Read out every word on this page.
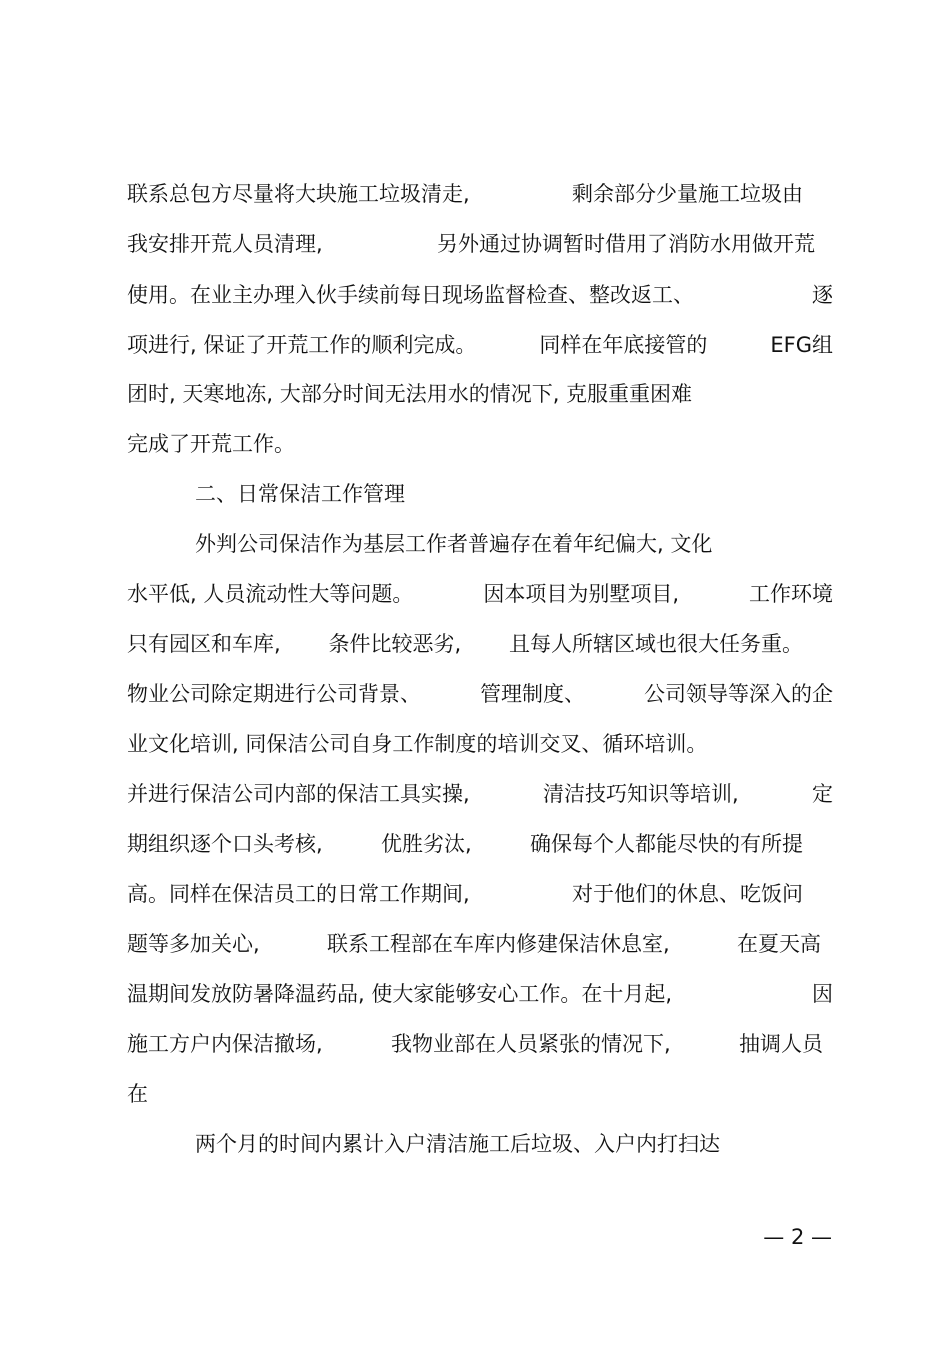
联系总包方尽量将大块施工垃圾清走,	剩余部分少量施工垃圾由
我安排开荒人员清理,	另外通过协调暂时借用了消防水用做开荒
使用。在业主办理入伙手续前每日现场监督检查、整改返工、	逐
项进行, 保证了开荒工作的顺利完成。	同样在年底接管的	EFG组
团时, 天寒地冻, 大部分时间无法用水的情况下, 克服重重困难
完成了开荒工作。
二、日常保洁工作管理
外判公司保洁作为基层工作者普遍存在着年纪偏大, 文化
水平低, 人员流动性大等问题。	因本项目为别墅项目,	工作环境
只有园区和车库, 条件比较恶劣, 且每人所辖区域也很大任务重。
物业公司除定期进行公司背景、	管理制度、	公司领导等深入的企
业文化培训, 同保洁公司自身工作制度的培训交叉、循环培训。
并进行保洁公司内部的保洁工具实操,	清洁技巧知识等培训,	定
期组织逐个口头考核,	优胜劣汰,	确保每个人都能尽快的有所提
高。同样在保洁员工的日常工作期间,	对于他们的休息、吃饭问
题等多加关心,	联系工程部在车库内修建保洁休息室,	在夏天高
温期间发放防暑降温药品, 使大家能够安心工作。在十月起,	因
施工方户内保洁撤场,	我物业部在人员紧张的情况下,	抽调人员
在
两个月的时间内累计入户清洁施工后垃圾、入户内打扫达
— 2 —
